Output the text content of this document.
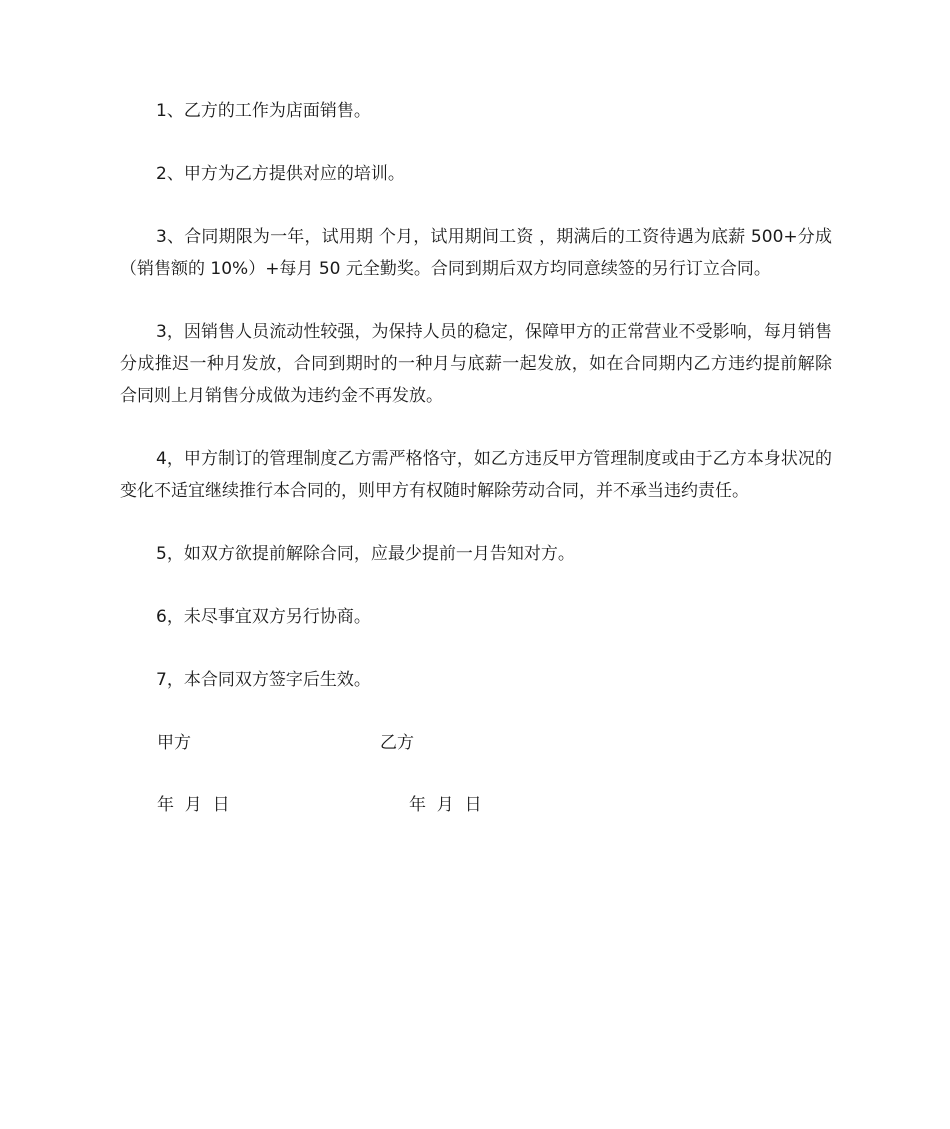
1、乙方的工作为店面销售。

2、甲方为乙方提供对应的培训。

3、合同期限为一年，试用期 个月，试用期间工资 ，期满后的工资待遇为底薪 500+分成（销售额的 10%）+每月 50 元全勤奖。合同到期后双方均同意续签的另行订立合同。

3，因销售人员流动性较强，为保持人员的稳定，保障甲方的正常营业不受影响，每月销售分成推迟一种月发放，合同到期时的一种月与底薪一起发放，如在合同期内乙方违约提前解除合同则上月销售分成做为违约金不再发放。

4，甲方制订的管理制度乙方需严格恪守，如乙方违反甲方管理制度或由于乙方本身状况的变化不适宜继续推行本合同的，则甲方有权随时解除劳动合同，并不承当违约责任。

5，如双方欲提前解除合同，应最少提前一月告知对方。

6，未尽事宜双方另行协商。

7，本合同双方签字后生效。

甲方	乙方
年  月  日	年  月  日
